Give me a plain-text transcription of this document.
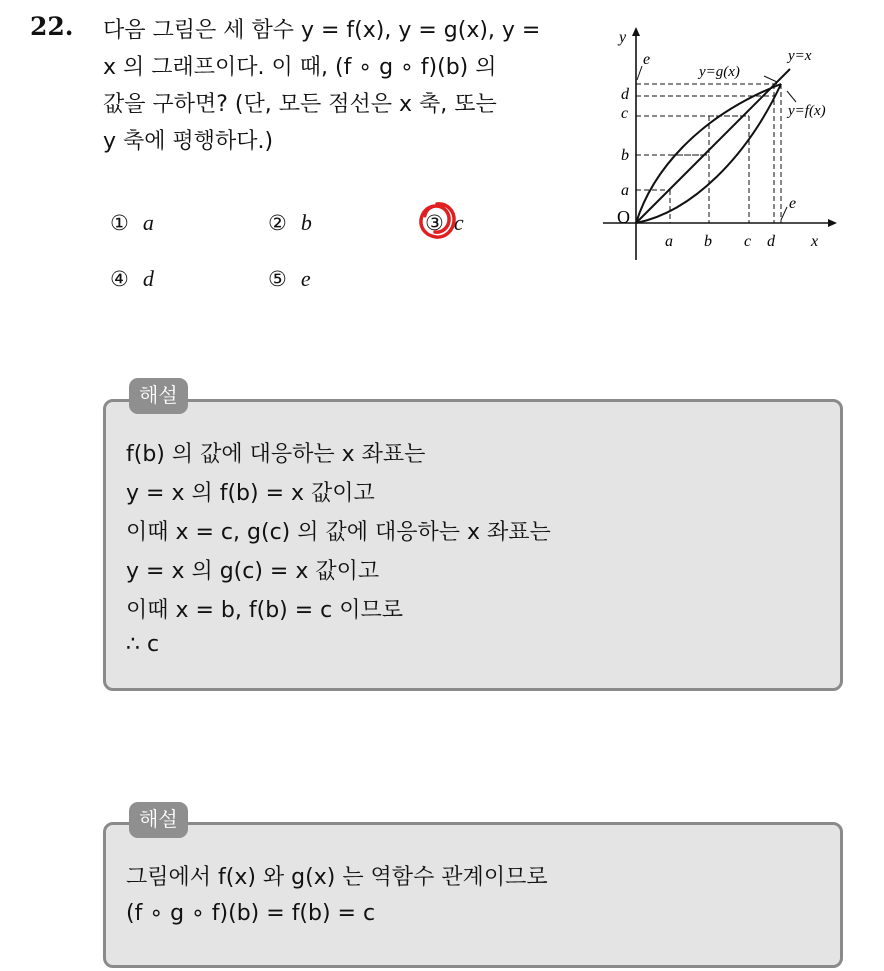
22. 다음 그림은 세 함수 y = f(x), y = g(x), y =
x 의 그래프이다. 이 때, (f ∘ g ∘ f)(b) 의
값을 구하면? (단, 모든 점선은 x 축, 또는
y 축에 평행하다.)
① a	② b	③ c
④ d	⑤ e
y
x
O
y=g(x)
y=f(x)
y=x
e
e
a b c d
a
b
c
d
f(b) 의 값에 대응하는 x 좌표는
y = x 의 f(b) = x 값이고
이때 x = c, g(c) 의 값에 대응하는 x 좌표는
y = x 의 g(c) = x 값이고
이때 x = b, f(b) = c 이므로
∴ c
해설
그림에서 f(x) 와 g(x) 는 역함수 관계이므로
(f ∘ g ∘ f)(b) = f(b) = c
해설
